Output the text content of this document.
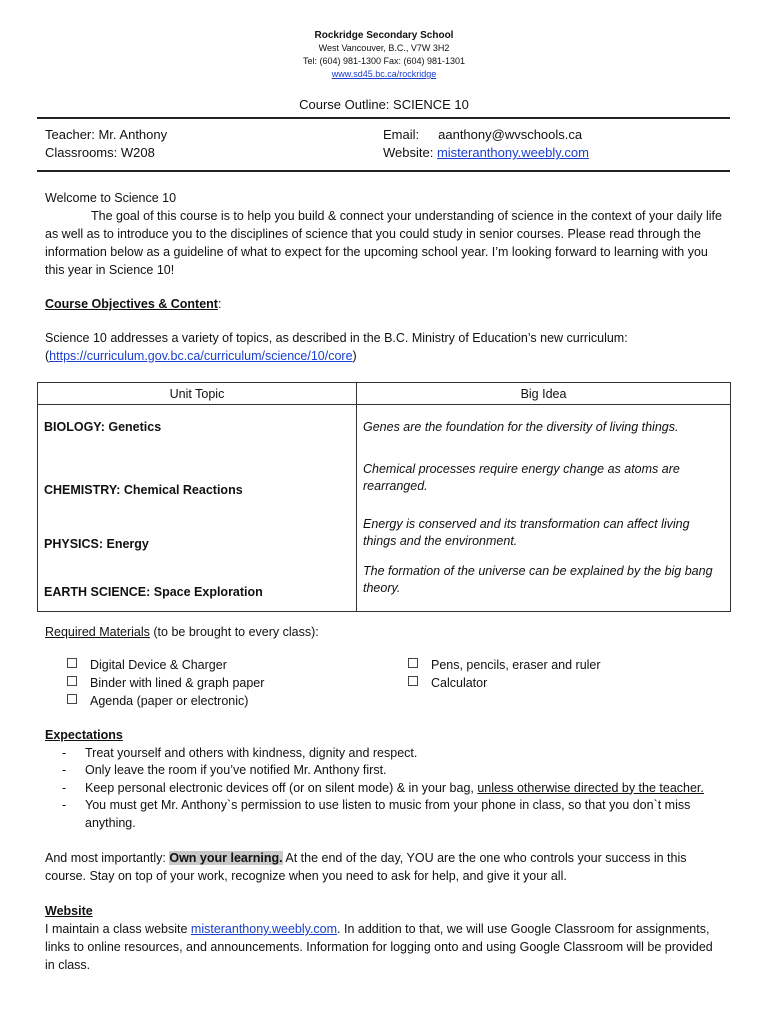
Rockridge Secondary School
West Vancouver, B.C., V7W 3H2
Tel: (604) 981-1300 Fax: (604) 981-1301
www.sd45.bc.ca/rockridge
Course Outline: SCIENCE 10
Teacher: Mr. Anthony
Classrooms: W208
Email: aanthony@wvschools.ca
Website: misteranthony.weebly.com

Welcome to Science 10

The goal of this course is to help you build & connect your understanding of science in the context of your daily life as well as to introduce you to the disciplines of science that you could study in senior courses. Please read through the information below as a guideline of what to expect for the upcoming school year. I’m looking forward to learning with you this year in Science 10!

Course Objectives & Content:

Science 10 addresses a variety of topics, as described in the B.C. Ministry of Education’s new curriculum:

(https://curriculum.gov.bc.ca/curriculum/science/10/core)

Unit Topic	Big Idea
BIOLOGY: Genetics	Genes are the foundation for the diversity of living things.
CHEMISTRY: Chemical Reactions	Chemical processes require energy change as atoms are rearranged.
PHYSICS: Energy	Energy is conserved and its transformation can affect living things and the environment.
EARTH SCIENCE: Space Exploration	The formation of the universe can be explained by the big bang theory.

Required Materials (to be brought to every class):

Digital Device & Charger
Binder with lined & graph paper
Agenda (paper or electronic)
Pens, pencils, eraser and ruler
Calculator
Expectations
- Treat yourself and others with kindness, dignity and respect.
- Only leave the room if you’ve notified Mr. Anthony first.
- Keep personal electronic devices off (or on silent mode) & in your bag, unless otherwise directed by the teacher.
- You must get Mr. Anthony`s permission to use listen to music from your phone in class, so that you don`t miss anything.

And most importantly: Own your learning. At the end of the day, YOU are the one who controls your success in this course. Stay on top of your work, recognize when you need to ask for help, and give it your all.

Website

I maintain a class website misteranthony.weebly.com. In addition to that, we will use Google Classroom for assignments, links to online resources, and announcements. Information for logging onto and using Google Classroom will be provided in class.
